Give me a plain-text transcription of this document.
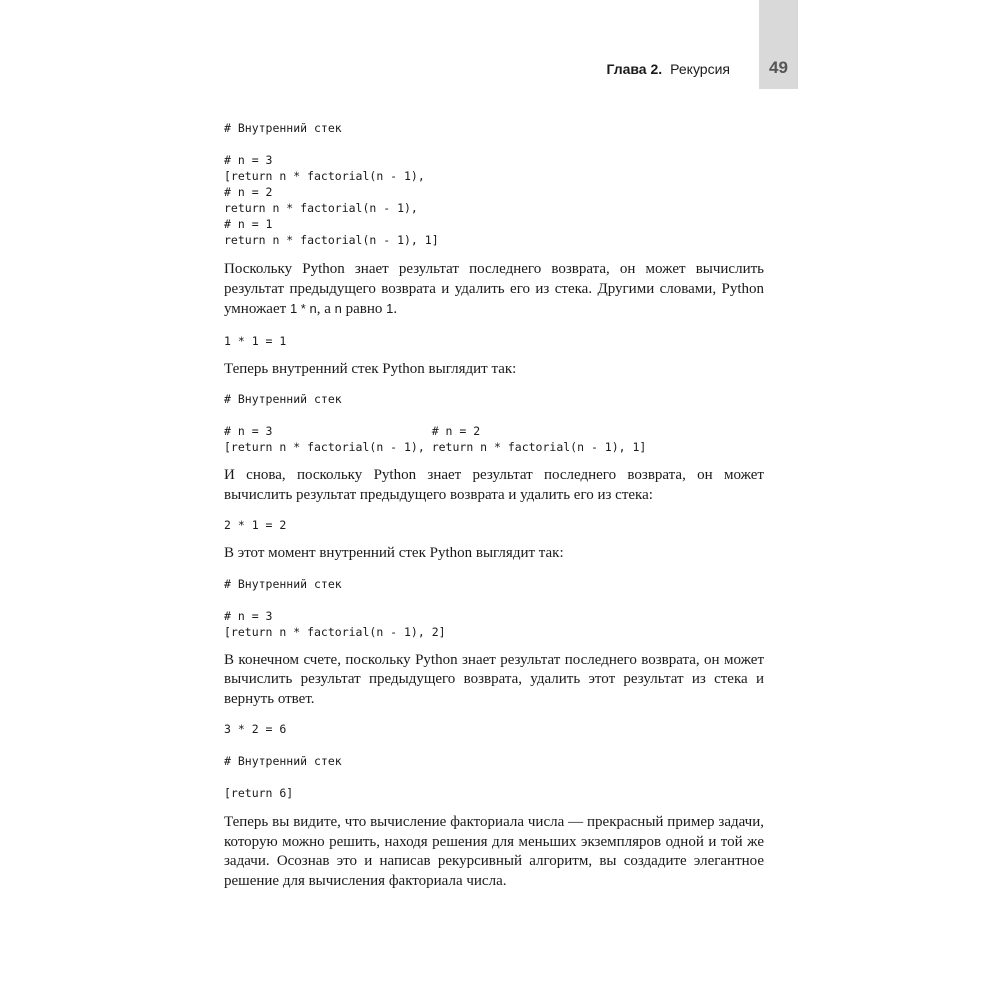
49
Глава 2. Рекурсия
# Внутренний стек

# n = 3
[return n * factorial(n - 1),
# n = 2
return n * factorial(n - 1),
# n = 1
return n * factorial(n - 1), 1]

Поскольку Python знает результат последнего возврата, он может вычислить результат предыдущего возврата и удалить его из стека. Другими словами, Python умножает 1 * n, а n равно 1.

1 * 1 = 1

Теперь внутренний стек Python выглядит так:

# Внутренний стек

# n = 3                       # n = 2
[return n * factorial(n - 1), return n * factorial(n - 1), 1]

И снова, поскольку Python знает результат последнего возврата, он может вычислить результат предыдущего возврата и удалить его из стека:

2 * 1 = 2

В этот момент внутренний стек Python выглядит так:

# Внутренний стек

# n = 3
[return n * factorial(n - 1), 2]

В конечном счете, поскольку Python знает результат последнего возврата, он может вычислить результат предыдущего возврата, удалить этот результат из стека и вернуть ответ.

3 * 2 = 6

# Внутренний стек

[return 6]

Теперь вы видите, что вычисление факториала числа — прекрасный пример задачи, которую можно решить, находя решения для меньших экземпляров одной и той же задачи. Осознав это и написав рекурсивный алгоритм, вы создадите элегантное решение для вычисления факториала числа.
